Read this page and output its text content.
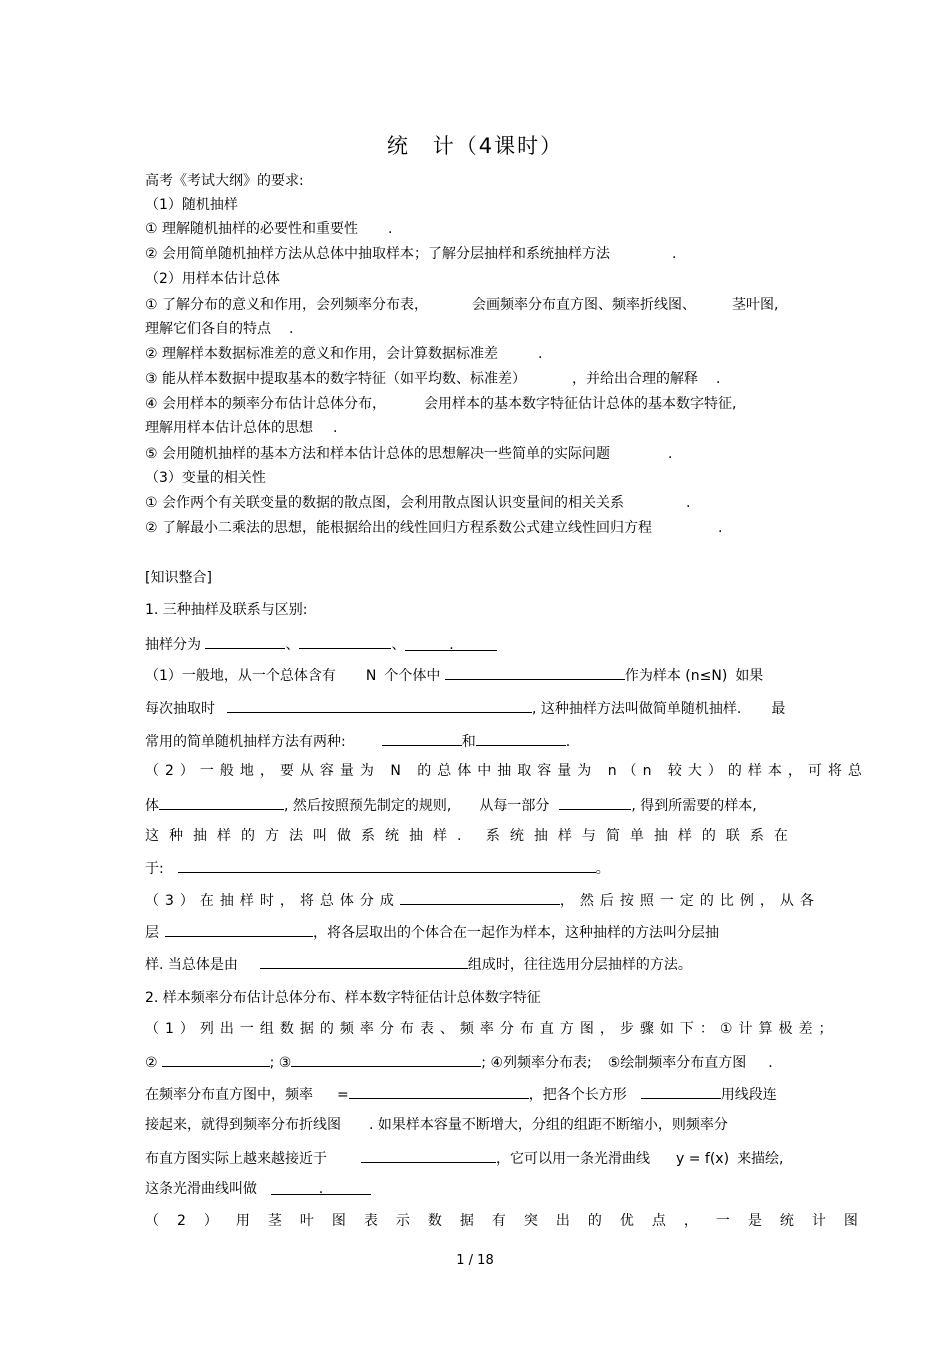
统　计（4课时）
高考《考试大纲》的要求:
（1）随机抽样
① 理解随机抽样的必要性和重要性 .
② 会用简单随机抽样方法从总体中抽取样本；了解分层抽样和系统抽样方法	.
（2）用样本估计总体
① 了解分布的意义和作用，会列频率分布表，	会画频率分布直方图、频率折线图、	茎叶图,
理解它们各自的特点 .
② 理解样本数据标准差的意义和作用，会计算数据标准差	.
③ 能从样本数据中提取基本的数字特征（如平均数、标准差）	，并给出合理的解释 .
④ 会用样本的频率分布估计总体分布，	会用样本的基本数字特征估计总体的基本数字特征,
理解用样本估计总体的思想 .
⑤ 会用随机抽样的基本方法和样本估计总体的思想解决一些简单的实际问题	.
（3）变量的相关性
① 会作两个有关联变量的数据的散点图，会利用散点图认识变量间的相关关系	.
② 了解最小二乘法的思想，能根据给出的线性回归方程系数公式建立线性回归方程	.
[知识整合]
1. 三种抽样及联系与区别:
抽样分为	、	、	.
（1）一般地，从一个总体含有 N 个个体中	作为样本 (n≤N) 如果
每次抽取时	, 这种抽样方法叫做简单随机抽样. 最
常用的简单随机抽样方法有两种:	和	.
（2）一般地，要从容量为 N 的总体中抽取容量为 n（n 较大）的样本，可将总
体	, 然后按照预先制定的规则, 从每一部分	, 得到所需要的样本,
这种抽样的方法叫做系统抽样. 系统抽样与简单抽样的联系在
于:	。
（3）在抽样时，将总体分成	，然后按照一定的比例，从各
层	，将各层取出的个体合在一起作为样本，这种抽样的方法叫分层抽
样. 当总体是由	组成时，往往选用分层抽样的方法。
2. 样本频率分布估计总体分布、样本数字特征估计总体数字特征
（1）列出一组数据的频率分布表、频率分布直方图，步骤如下：①计算极差；
②	; ③	; ④列频率分布表; ⑤绘制频率分布直方图 .
在频率分布直方图中，频率 =	，把各个长方形	用线段连
接起来，就得到频率分布折线图 . 如果样本容量不断增大，分组的组距不断缩小，则频率分
布直方图实际上越来越接近于	，它可以用一条光滑曲线 y = f(x) 来描绘,
这条光滑曲线叫做	.
（2）用茎叶图表示数据有突出的优点，一是统计图
1 / 18
